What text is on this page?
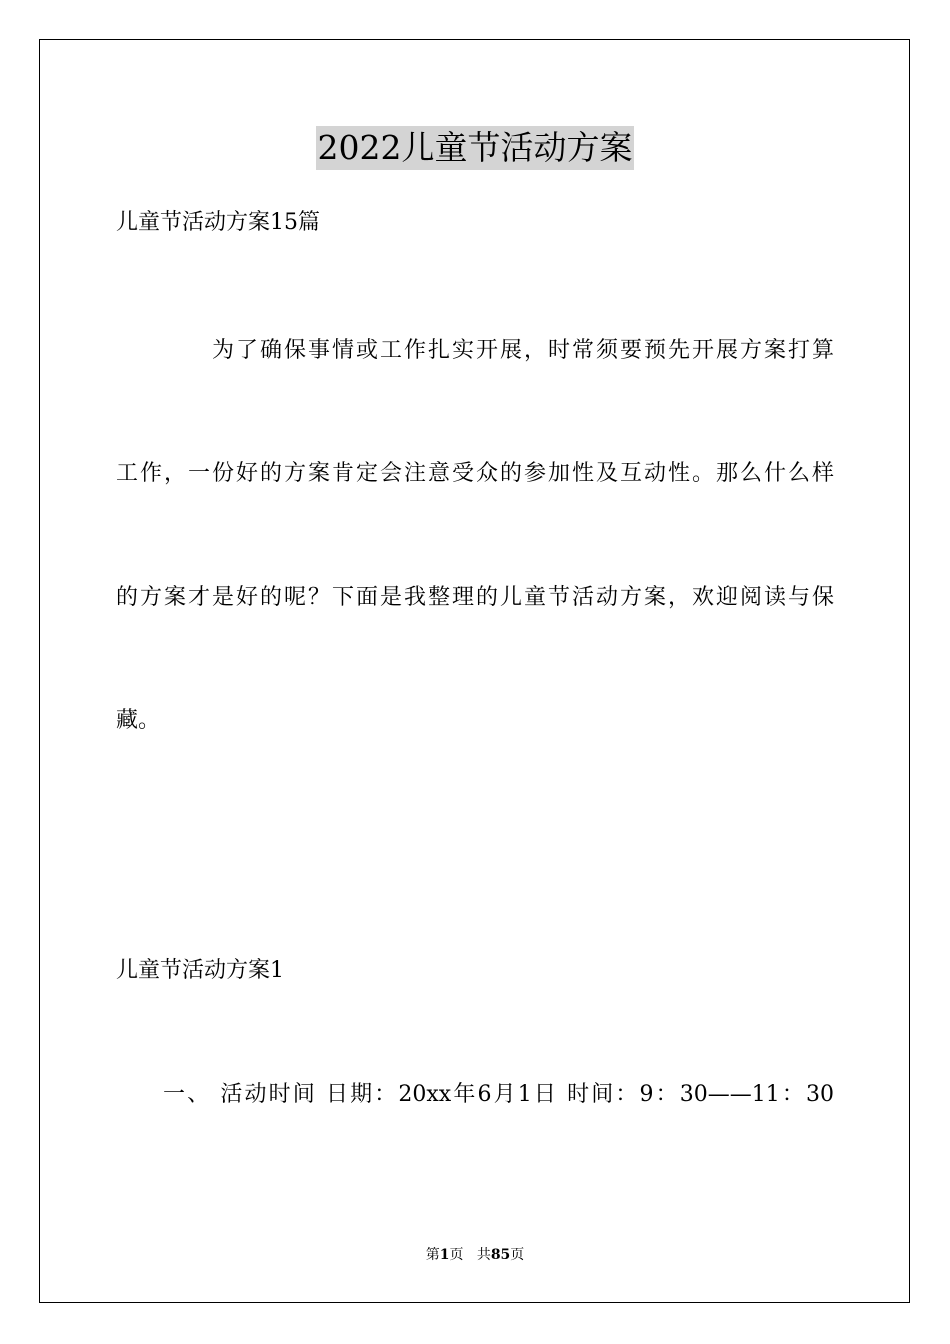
2022儿童节活动方案
儿童节活动方案15篇
为了确保事情或工作扎实开展，时常须要预先开展方案打算
工作，一份好的方案肯定会注意受众的参加性及互动性。那么什么样
的方案才是好的呢？下面是我整理的儿童节活动方案，欢迎阅读与保
藏。
儿童节活动方案1
一、 活动时间 日期：20xx年6月1日 时间：9：30——11：30
第1页 共85页
